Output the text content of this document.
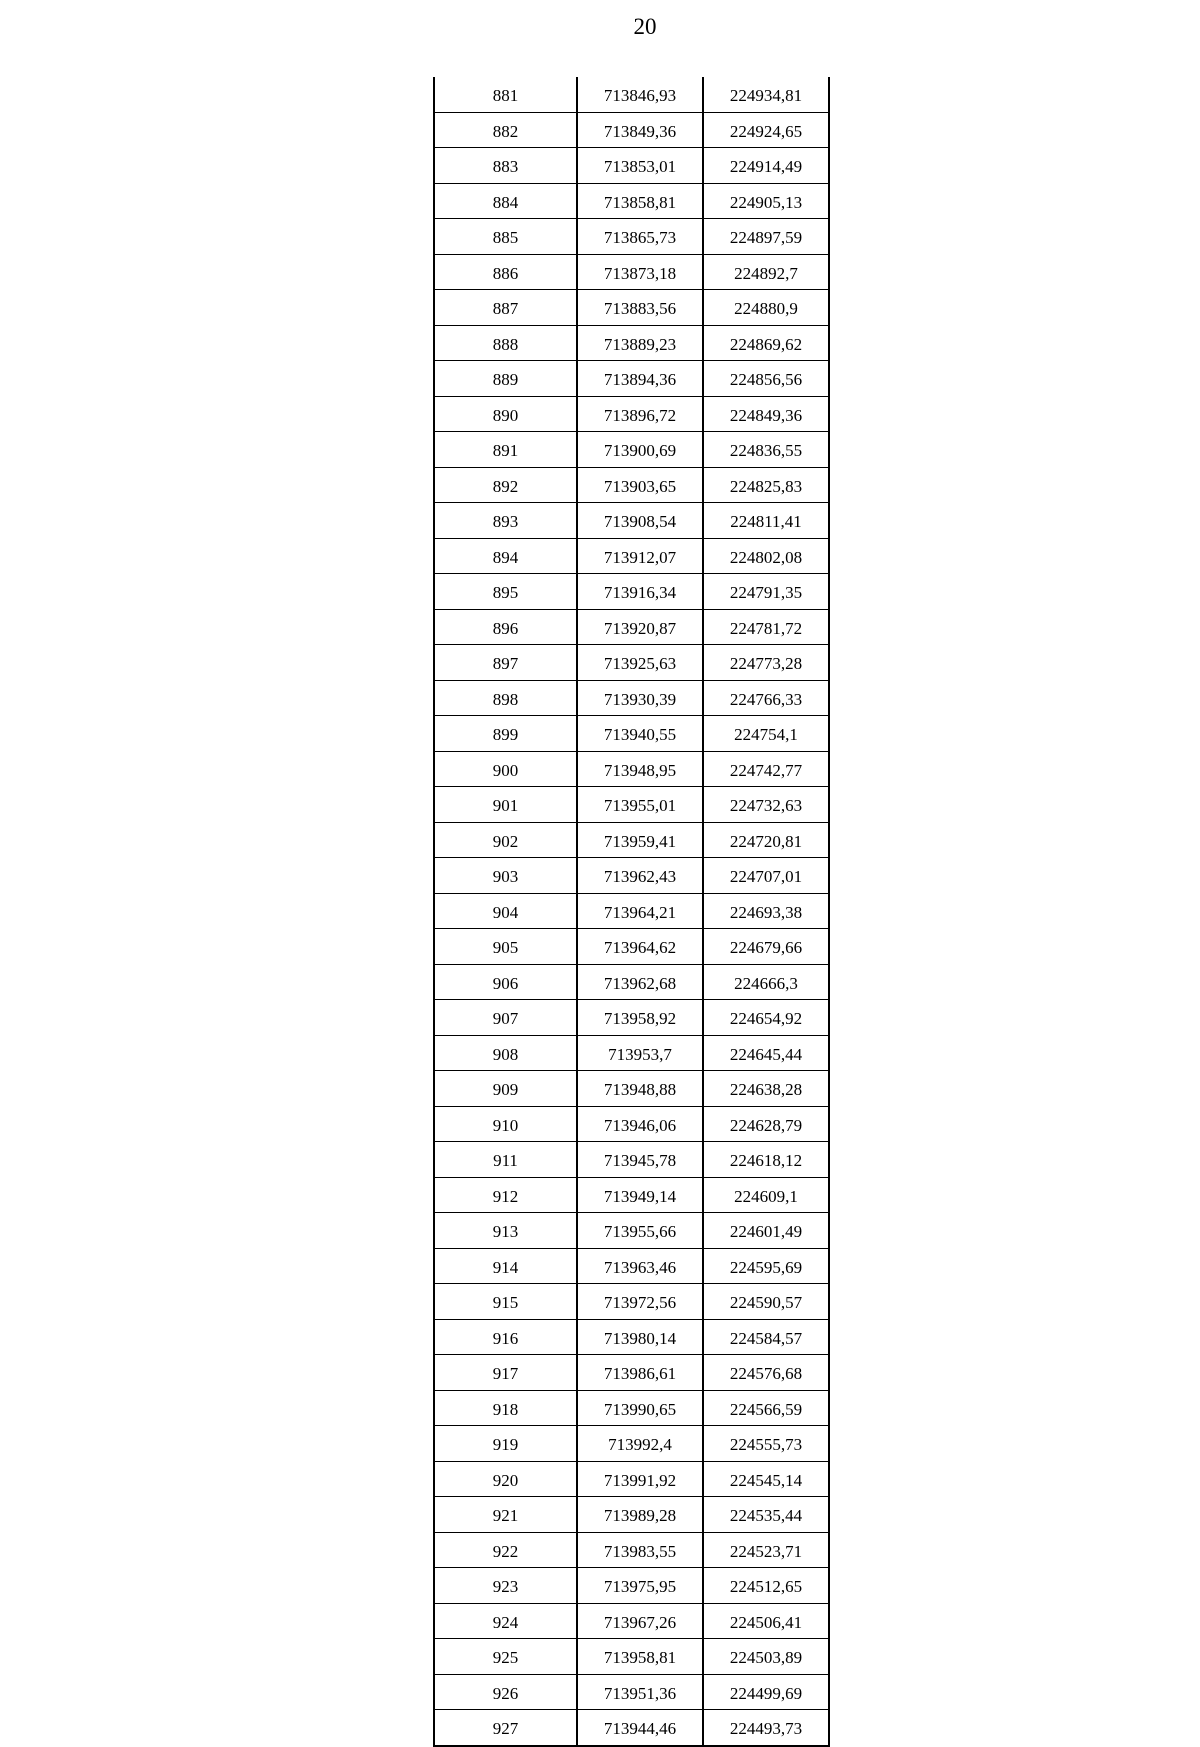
20
881	713846,93	224934,81
882	713849,36	224924,65
883	713853,01	224914,49
884	713858,81	224905,13
885	713865,73	224897,59
886	713873,18	224892,7
887	713883,56	224880,9
888	713889,23	224869,62
889	713894,36	224856,56
890	713896,72	224849,36
891	713900,69	224836,55
892	713903,65	224825,83
893	713908,54	224811,41
894	713912,07	224802,08
895	713916,34	224791,35
896	713920,87	224781,72
897	713925,63	224773,28
898	713930,39	224766,33
899	713940,55	224754,1
900	713948,95	224742,77
901	713955,01	224732,63
902	713959,41	224720,81
903	713962,43	224707,01
904	713964,21	224693,38
905	713964,62	224679,66
906	713962,68	224666,3
907	713958,92	224654,92
908	713953,7	224645,44
909	713948,88	224638,28
910	713946,06	224628,79
911	713945,78	224618,12
912	713949,14	224609,1
913	713955,66	224601,49
914	713963,46	224595,69
915	713972,56	224590,57
916	713980,14	224584,57
917	713986,61	224576,68
918	713990,65	224566,59
919	713992,4	224555,73
920	713991,92	224545,14
921	713989,28	224535,44
922	713983,55	224523,71
923	713975,95	224512,65
924	713967,26	224506,41
925	713958,81	224503,89
926	713951,36	224499,69
927	713944,46	224493,73
